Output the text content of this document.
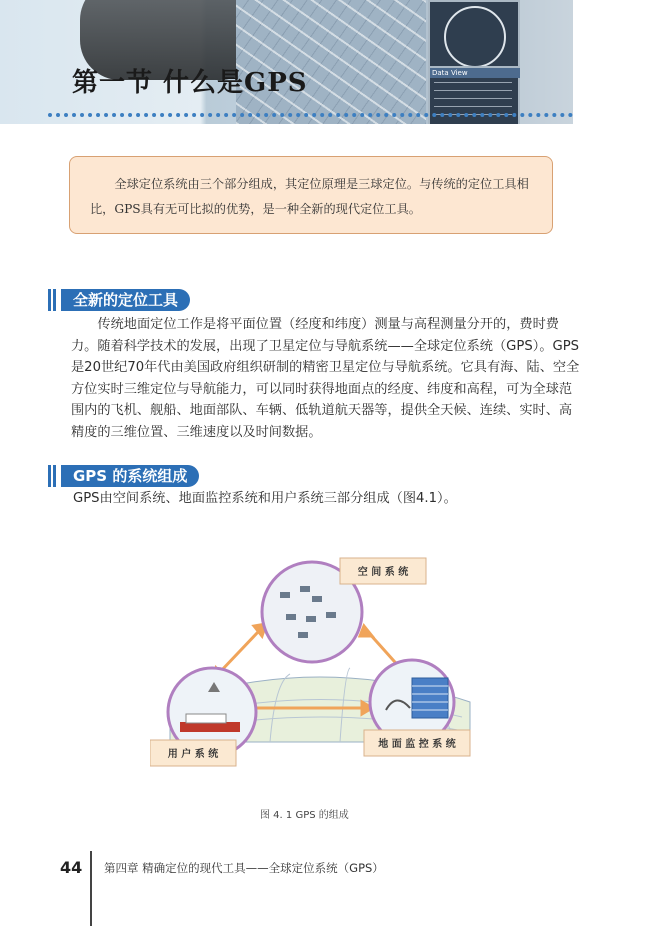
Data View
第一节 什么是GPS

全球定位系统由三个部分组成，其定位原理是三球定位。与传统的定位工具相比，GPS具有无可比拟的优势，是一种全新的现代定位工具。

全新的定位工具

传统地面定位工作是将平面位置（经度和纬度）测量与高程测量分开的，费时费力。随着科学技术的发展，出现了卫星定位与导航系统——全球定位系统（GPS）。GPS是20世纪70年代由美国政府组织研制的精密卫星定位与导航系统。它具有海、陆、空全方位实时三维定位与导航能力，可以同时获得地面点的经度、纬度和高程，可为全球范围内的飞机、舰船、地面部队、车辆、低轨道航天器等，提供全天候、连续、实时、高精度的三维位置、三维速度以及时间数据。

GPS 的系统组成

GPS由空间系统、地面监控系统和用户系统三部分组成（图4.1）。

空 间 系 统
地 面 监 控 系 统
用 户 系 统
图 4. 1 GPS 的组成
44 第四章 精确定位的现代工具——全球定位系统（GPS）
